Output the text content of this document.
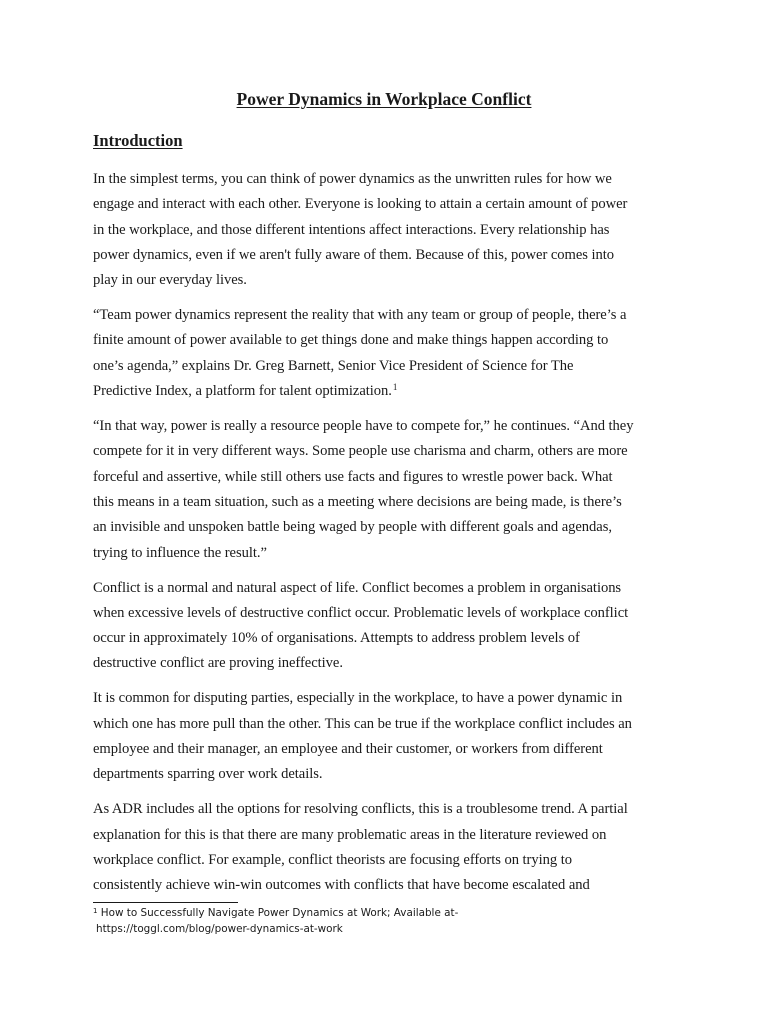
Power Dynamics in Workplace Conflict
Introduction

In the simplest terms, you can think of power dynamics as the unwritten rules for how we
engage and interact with each other. Everyone is looking to attain a certain amount of power
in the workplace, and those different intentions affect interactions. Every relationship has
power dynamics, even if we aren't fully aware of them. Because of this, power comes into
play in our everyday lives.

“Team power dynamics represent the reality that with any team or group of people, there’s a
finite amount of power available to get things done and make things happen according to
one’s agenda,” explains Dr. Greg Barnett, Senior Vice President of Science for The
Predictive Index, a platform for talent optimization.$^1$

“In that way, power is really a resource people have to compete for,” he continues. “And they
compete for it in very different ways. Some people use charisma and charm, others are more
forceful and assertive, while still others use facts and figures to wrestle power back. What
this means in a team situation, such as a meeting where decisions are being made, is there’s
an invisible and unspoken battle being waged by people with different goals and agendas,
trying to influence the result.”

Conflict is a normal and natural aspect of life. Conflict becomes a problem in organisations
when excessive levels of destructive conflict occur. Problematic levels of workplace conflict
occur in approximately 10% of organisations. Attempts to address problem levels of
destructive conflict are proving ineffective.

It is common for disputing parties, especially in the workplace, to have a power dynamic in
which one has more pull than the other. This can be true if the workplace conflict includes an
employee and their manager, an employee and their customer, or workers from different
departments sparring over work details.

As ADR includes all the options for resolving conflicts, this is a troublesome trend. A partial
explanation for this is that there are many problematic areas in the literature reviewed on
workplace conflict. For example, conflict theorists are focusing efforts on trying to
consistently achieve win-win outcomes with conflicts that have become escalated and

$^1$ How to Successfully Navigate Power Dynamics at Work; Available at-
https://toggl.com/blog/power-dynamics-at-work
